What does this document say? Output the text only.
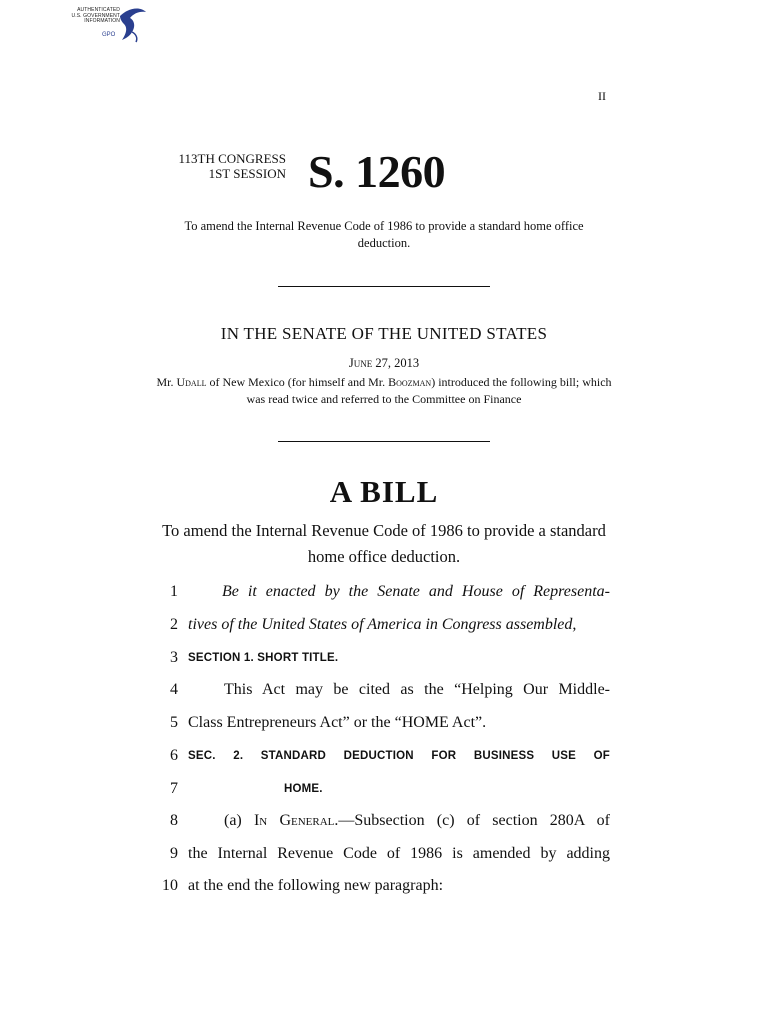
AUTHENTICATED
U.S. GOVERNMENT
INFORMATION
GPO
II
113TH CONGRESS
1ST SESSION S. 1260
To amend the Internal Revenue Code of 1986 to provide a standard home office deduction.
IN THE SENATE OF THE UNITED STATES
June 27, 2013
Mr. Udall of New Mexico (for himself and Mr. Boozman) introduced the following bill; which was read twice and referred to the Committee on Finance
A BILL
To amend the Internal Revenue Code of 1986 to provide a standard home office deduction.
1	Be it enacted by the Senate and House of Representa-
2 tives of the United States of America in Congress assembled,
3 SECTION 1. SHORT TITLE.
4	This Act may be cited as the “Helping Our Middle-
5 Class Entrepreneurs Act” or the “HOME Act”.
6 SEC. 2. STANDARD DEDUCTION FOR BUSINESS USE OF
7	HOME.
8	(a) In General.—Subsection (c) of section 280A of
9 the Internal Revenue Code of 1986 is amended by adding
10 at the end the following new paragraph:
